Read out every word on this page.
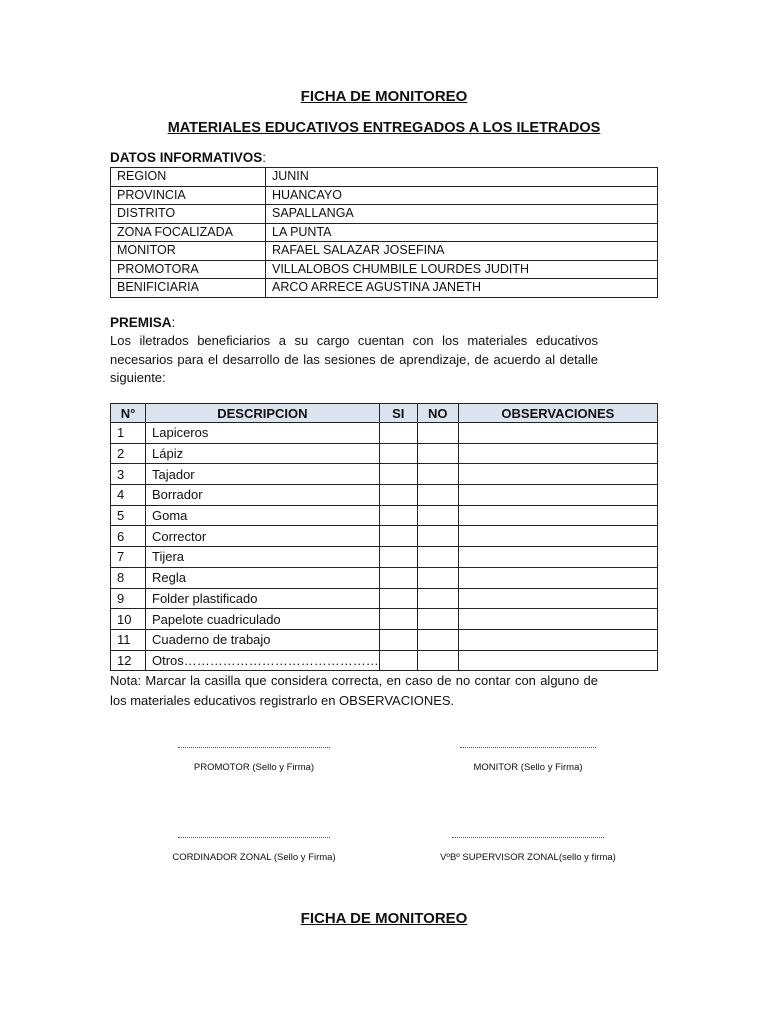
FICHA DE MONITOREO
MATERIALES EDUCATIVOS ENTREGADOS A LOS ILETRADOS
DATOS INFORMATIVOS:
REGION	JUNIN
PROVINCIA	HUANCAYO
DISTRITO	SAPALLANGA
ZONA FOCALIZADA	LA PUNTA
MONITOR	RAFAEL SALAZAR JOSEFINA
PROMOTORA	VILLALOBOS CHUMBILE LOURDES JUDITH
BENIFICIARIA	ARCO ARRECE AGUSTINA JANETH
PREMISA:
Los iletrados beneficiarios a su cargo cuentan con los materiales educativos necesarios para el desarrollo de las sesiones de aprendizaje, de acuerdo al detalle siguiente:
N°	DESCRIPCION	SI	NO	OBSERVACIONES
1	Lapiceros			
2	Lápiz			
3	Tajador			
4	Borrador			
5	Goma			
6	Corrector			
7	Tijera			
8	Regla			
9	Folder plastificado			
10	Papelote cuadriculado			
11	Cuaderno de trabajo			
12	Otros………………………………………			
Nota: Marcar la casilla que considera correcta, en caso de no contar con alguno de los materiales educativos registrarlo en OBSERVACIONES.
PROMOTOR (Sello y Firma)	MONITOR (Sello y Firma)
CORDINADOR ZONAL (Sello y Firma)	VºBº SUPERVISOR ZONAL(sello y firma)
FICHA DE MONITOREO
